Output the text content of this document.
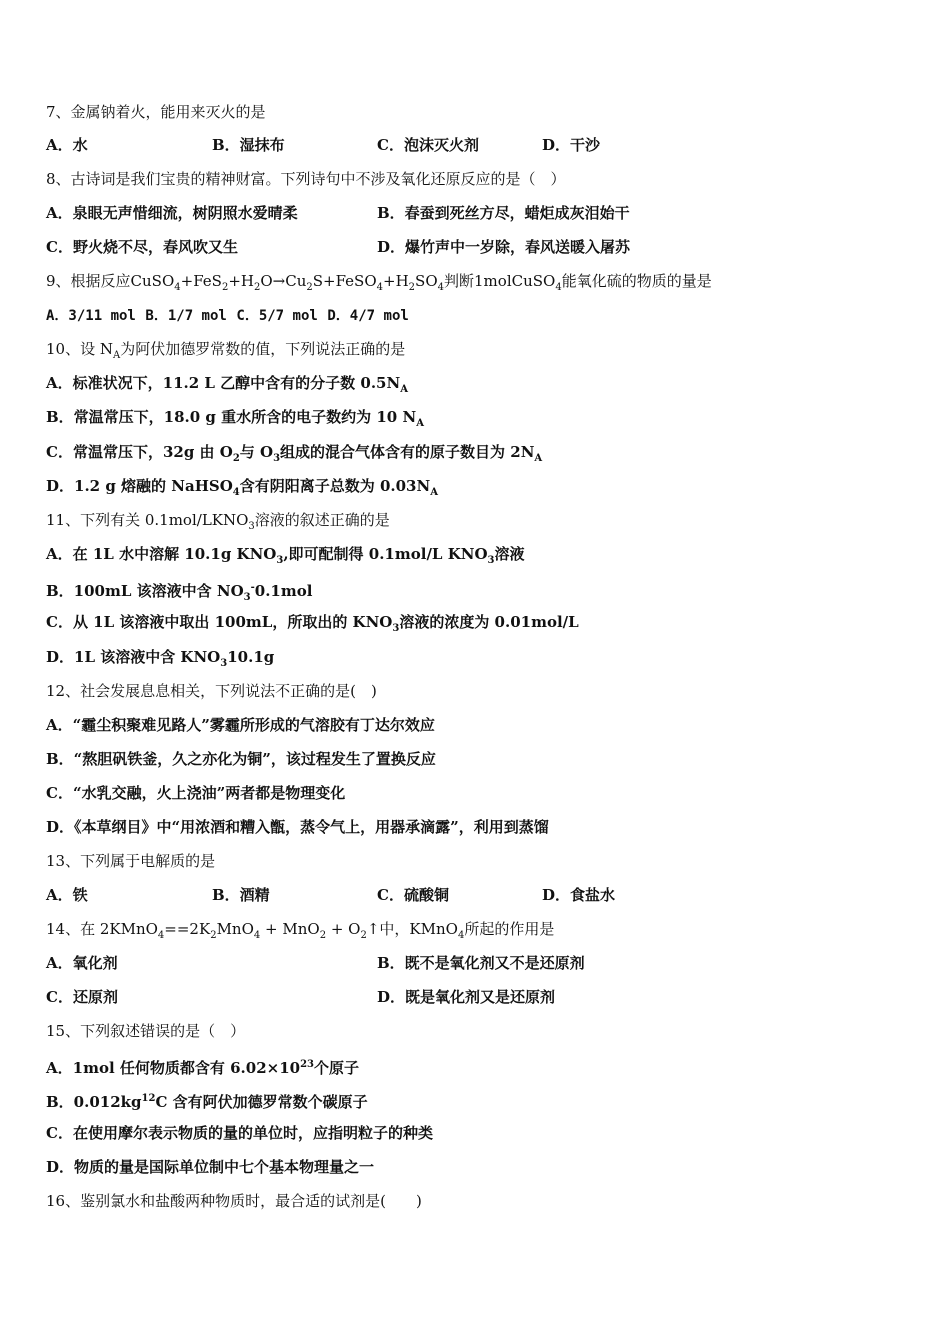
7、金属钠着火，能用来灭火的是
A．水	B．湿抹布	C．泡沫灭火剂	D．干沙
8、古诗词是我们宝贵的精神财富。下列诗句中不涉及氧化还原反应的是（　）
A．泉眼无声惜细流，树阴照水爱晴柔	B．春蚕到死丝方尽，蜡炬成灰泪始干
C．野火烧不尽，春风吹又生	D．爆竹声中一岁除，春风送暖入屠苏
9、根据反应$CuSO_4+FeS_2+H_2O\to Cu_2S+FeSO_4+H_2SO_4$判断1molCuSO$_4$能氧化硫的物质的量是
A．3/11 mol B．1/7 mol C．5/7 mol D．4/7 mol
10、设 $N_A$为阿伏加德罗常数的值，下列说法正确的是
A．标准状况下，11.2 L 乙醇中含有的分子数 $0.5N_A$
B．常温常压下，18.0 g 重水所含的电子数约为 10 $N_A$
C．常温常压下，32g 由 $O_2$与 $O_3$组成的混合气体含有的原子数目为 $2N_A$
D．1.2 g 熔融的 NaHSO$_4$含有阴阳离子总数为 $0.03N_A$
11、下列有关 $0.1mol/LKNO_3$溶液的叙述正确的是
A．在 1L 水中溶解 10.1g $KNO_3$,即可配制得 0.1mol/L $KNO_3$溶液
B．100mL 该溶液中含 $NO_3^-0.1mol$
C．从 1L 该溶液中取出 100mL，所取出的 $KNO_3$溶液的浓度为 0.01mol/L
D．1L 该溶液中含 $KNO_310.1g$
12、社会发展息息相关，下列说法不正确的是(　)
A．“霾尘积聚难见路人”雾霾所形成的气溶胶有丁达尔效应
B．“熬胆矾铁釜，久之亦化为铜”，该过程发生了置换反应
C．“水乳交融，火上浇油”两者都是物理变化
D．《本草纲目》中“用浓酒和糟入甑，蒸令气上，用器承滴露”，利用到蒸馏
13、下列属于电解质的是
A．铁	B．酒精	C．硫酸铜	D．食盐水
14、在 $2KMnO_4==2K_2MnO_4 + MnO_2$ + $O_2↑$中，KMnO$_4$所起的作用是
A．氧化剂	B．既不是氧化剂又不是还原剂
C．还原剂	D．既是氧化剂又是还原剂
15、下列叙述错误的是（　）
A．1mol 任何物质都含有 $6.02\times 10^{23}$个原子
B．$0.012kg^{12}C$ 含有阿伏加德罗常数个碳原子
C．在使用摩尔表示物质的量的单位时，应指明粒子的种类
D．物质的量是国际单位制中七个基本物理量之一
16、鉴别氯水和盐酸两种物质时，最合适的试剂是(　　)
